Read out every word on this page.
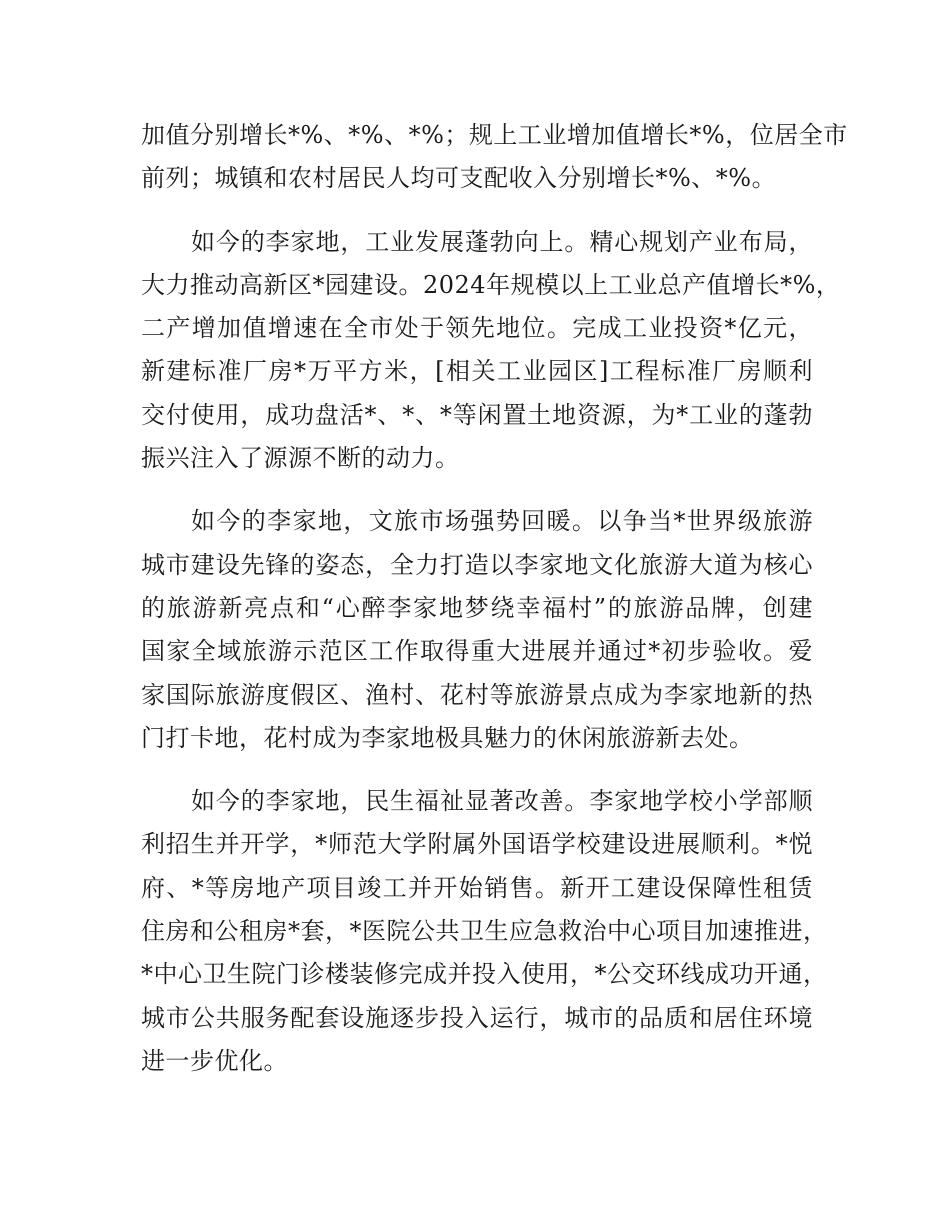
加值分别增长*%、*%、*%；规上工业增加值增长*%，位居全市
前列；城镇和农村居民人均可支配收入分别增长*%、*%。

如今的李家地，工业发展蓬勃向上。精心规划产业布局，
大力推动高新区*园建设。2024年规模以上工业总产值增长*%，
二产增加值增速在全市处于领先地位。完成工业投资*亿元，
新建标准厂房*万平方米，[相关工业园区]工程标准厂房顺利
交付使用，成功盘活*、*、*等闲置土地资源，为*工业的蓬勃
振兴注入了源源不断的动力。

如今的李家地，文旅市场强势回暖。以争当*世界级旅游
城市建设先锋的姿态，全力打造以李家地文化旅游大道为核心
的旅游新亮点和“心醉李家地梦绕幸福村”的旅游品牌，创建
国家全域旅游示范区工作取得重大进展并通过*初步验收。爱
家国际旅游度假区、渔村、花村等旅游景点成为李家地新的热
门打卡地，花村成为李家地极具魅力的休闲旅游新去处。

如今的李家地，民生福祉显著改善。李家地学校小学部顺
利招生并开学，*师范大学附属外国语学校建设进展顺利。*悦
府、*等房地产项目竣工并开始销售。新开工建设保障性租赁
住房和公租房*套，*医院公共卫生应急救治中心项目加速推进，
*中心卫生院门诊楼装修完成并投入使用，*公交环线成功开通，
城市公共服务配套设施逐步投入运行，城市的品质和居住环境
进一步优化。
